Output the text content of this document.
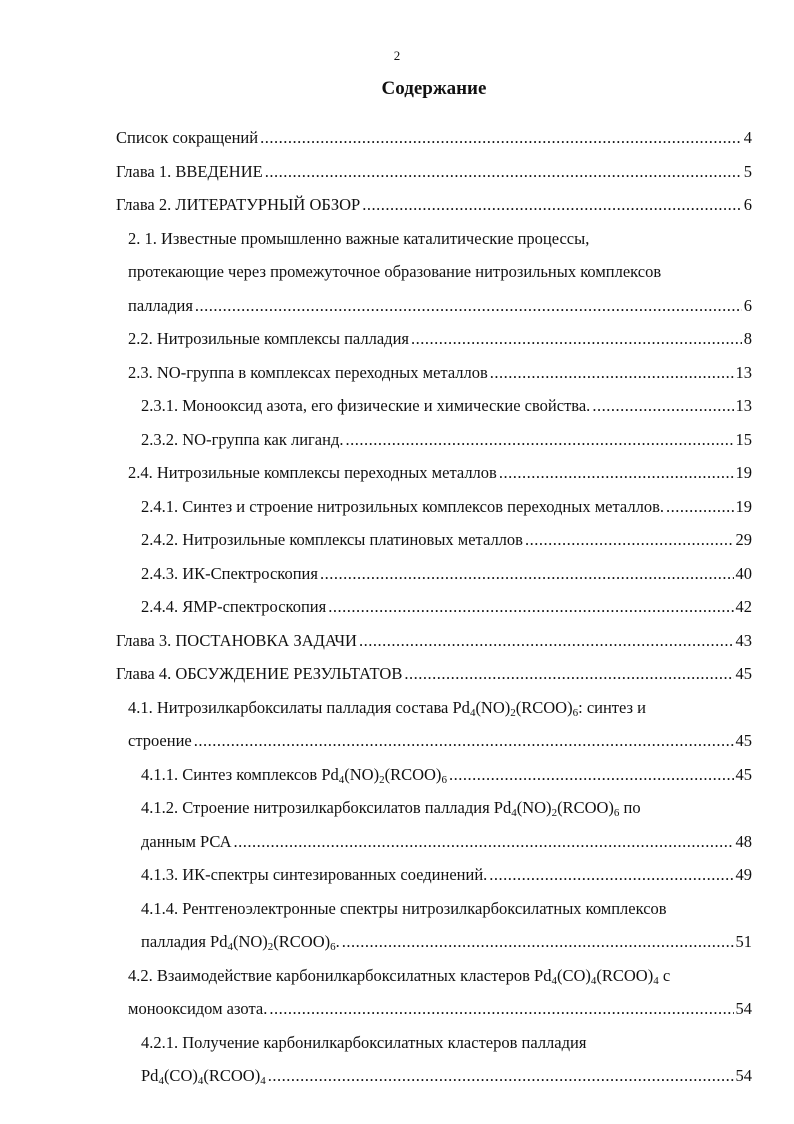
2
Содержание
Список сокращений .....	4
Глава 1. ВВЕДЕНИЕ .....	5
Глава 2. ЛИТЕРАТУРНЫЙ ОБЗОР .....	6
2. 1. Известные промышленно важные каталитические процессы,
протекающие через промежуточное образование нитрозильных комплексов
палладия .....	6
2.2. Нитрозильные комплексы палладия .....	8
2.3. NO-группа в комплексах переходных металлов .....	13
2.3.1. Монооксид азота, его физические и химические свойства. .....	13
2.3.2. NO-группа как лиганд. .....	15
2.4. Нитрозильные комплексы переходных металлов .....	19
2.4.1. Синтез и строение нитрозильных комплексов переходных металлов. .....	19
2.4.2. Нитрозильные комплексы платиновых металлов .....	29
2.4.3. ИК-Спектроскопия .....	40
2.4.4. ЯМР-спектроскопия .....	42
Глава 3. ПОСТАНОВКА ЗАДАЧИ .....	43
Глава 4. ОБСУЖДЕНИЕ РЕЗУЛЬТАТОВ .....	45
4.1. Нитрозилкарбоксилаты палладия состава $Pd_4(NO)_2(RCOO)_6$: синтез и
строение .....	45
4.1.1. Синтез комплексов $Pd_4(NO)_2(RCOO)_6$ .....	45
4.1.2. Строение нитрозилкарбоксилатов палладия $Pd_4(NO)_2(RCOO)_6$ по
данным РСА .....	48
4.1.3. ИК-спектры синтезированных соединений. .....	49
4.1.4. Рентгеноэлектронные спектры нитрозилкарбоксилатных комплексов
палладия $Pd_4(NO)_2(RCOO)_6$. .....	51
4.2. Взаимодействие карбонилкарбоксилатных кластеров $Pd_4(CO)_4(RCOO)_4$ с
монооксидом азота. .....	54
4.2.1. Получение карбонилкарбоксилатных кластеров палладия
$Pd_4(CO)_4(RCOO)_4$ .....	54
